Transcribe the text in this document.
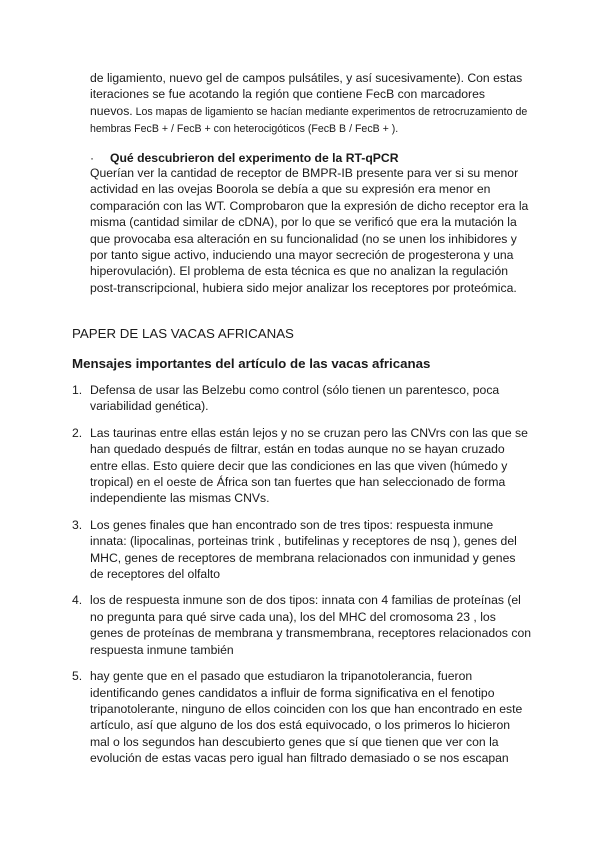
de ligamiento, nuevo gel de campos pulsátiles, y así sucesivamente). Con estas iteraciones se fue acotando la región que contiene FecB con marcadores nuevos. Los mapas de ligamiento se hacían mediante experimentos de retrocruzamiento de hembras FecB + / FecB + con heterocigóticos (FecB B / FecB + ).

· Qué descubrieron del experimento de la RT-qPCR

Querían ver la cantidad de receptor de BMPR-IB presente para ver si su menor actividad en las ovejas Boorola se debía a que su expresión era menor en comparación con las WT. Comprobaron que la expresión de dicho receptor era la misma (cantidad similar de cDNA), por lo que se verificó que era la mutación la que provocaba esa alteración en su funcionalidad (no se unen los inhibidores y por tanto sigue activo, induciendo una mayor secreción de progesterona y una hiperovulación). El problema de esta técnica es que no analizan la regulación post-transcripcional, hubiera sido mejor analizar los receptores por proteómica.

PAPER DE LAS VACAS AFRICANAS
Mensajes importantes del artículo de las vacas africanas
1. Defensa de usar las Belzebu como control (sólo tienen un parentesco, poca variabilidad genética).
2. Las taurinas entre ellas están lejos y no se cruzan pero las CNVrs con las que se han quedado después de filtrar, están en todas aunque no se hayan cruzado entre ellas. Esto quiere decir que las condiciones en las que viven (húmedo y tropical) en el oeste de África son tan fuertes que han seleccionado de forma independiente las mismas CNVs.
3. Los genes finales que han encontrado son de tres tipos: respuesta inmune innata: (lipocalinas, porteinas trink , butifelinas y receptores de nsq ), genes del MHC, genes de receptores de membrana relacionados con inmunidad y genes de receptores del olfalto
4. los de respuesta inmune son de dos tipos: innata con 4 familias de proteínas (el no pregunta para qué sirve cada una), los del MHC del cromosoma 23 , los genes de proteínas de membrana y transmembrana, receptores relacionados con respuesta inmune también
5. hay gente que en el pasado que estudiaron la tripanotolerancia, fueron identificando genes candidatos a influir de forma significativa en el fenotipo tripanotolerante, ninguno de ellos coinciden con los que han encontrado en este artículo, así que alguno de los dos está equivocado, o los primeros lo hicieron mal o los segundos han descubierto genes que sí que tienen que ver con la evolución de estas vacas pero igual han filtrado demasiado o se nos escapan
